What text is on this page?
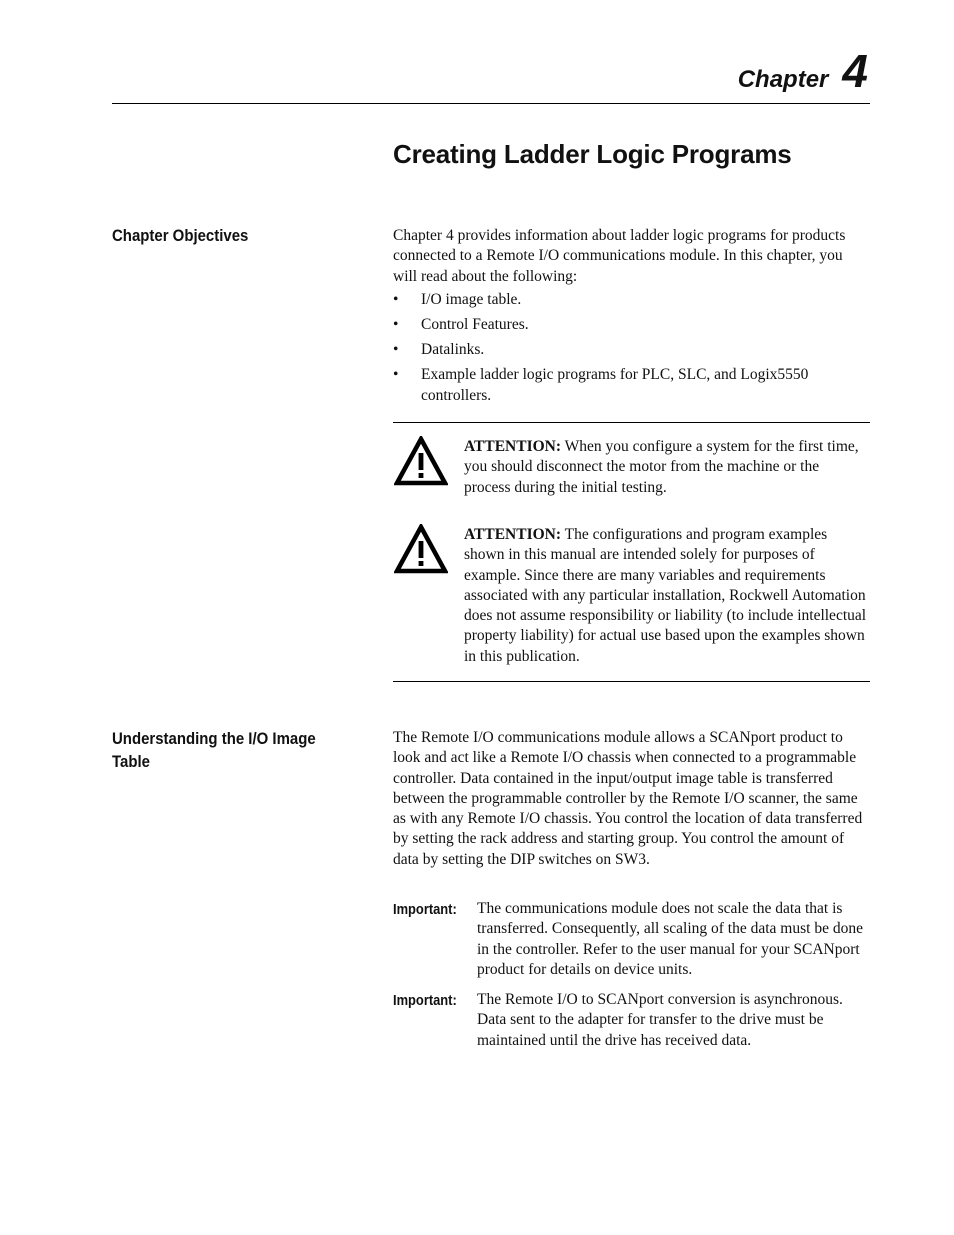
Chapter 4
Creating Ladder Logic Programs
Chapter Objectives	Chapter 4 provides information about ladder logic programs for products connected to a Remote I/O communications module. In this chapter, you will read about the following:

• I/O image table.
• Control Features.
• Datalinks.
• Example ladder logic programs for PLC, SLC, and Logix5550 controllers.

ATTENTION: When you configure a system for the first time, you should disconnect the motor from the machine or the process during the initial testing.

ATTENTION: The configurations and program examples shown in this manual are intended solely for purposes of example. Since there are many variables and requirements associated with any particular installation, Rockwell Automation does not assume responsibility or liability (to include intellectual property liability) for actual use based upon the examples shown in this publication.

Understanding the I/O Image Table

The Remote I/O communications module allows a SCANport product to look and act like a Remote I/O chassis when connected to a programmable controller. Data contained in the input/output image table is transferred between the programmable controller by the Remote I/O scanner, the same as with any Remote I/O chassis. You control the location of data transferred by setting the rack address and starting group. You control the amount of data by setting the DIP switches on SW3.

Important: The communications module does not scale the data that is transferred. Consequently, all scaling of the data must be done in the controller. Refer to the user manual for your SCANport product for details on device units.

Important: The Remote I/O to SCANport conversion is asynchronous. Data sent to the adapter for transfer to the drive must be maintained until the drive has received data.
